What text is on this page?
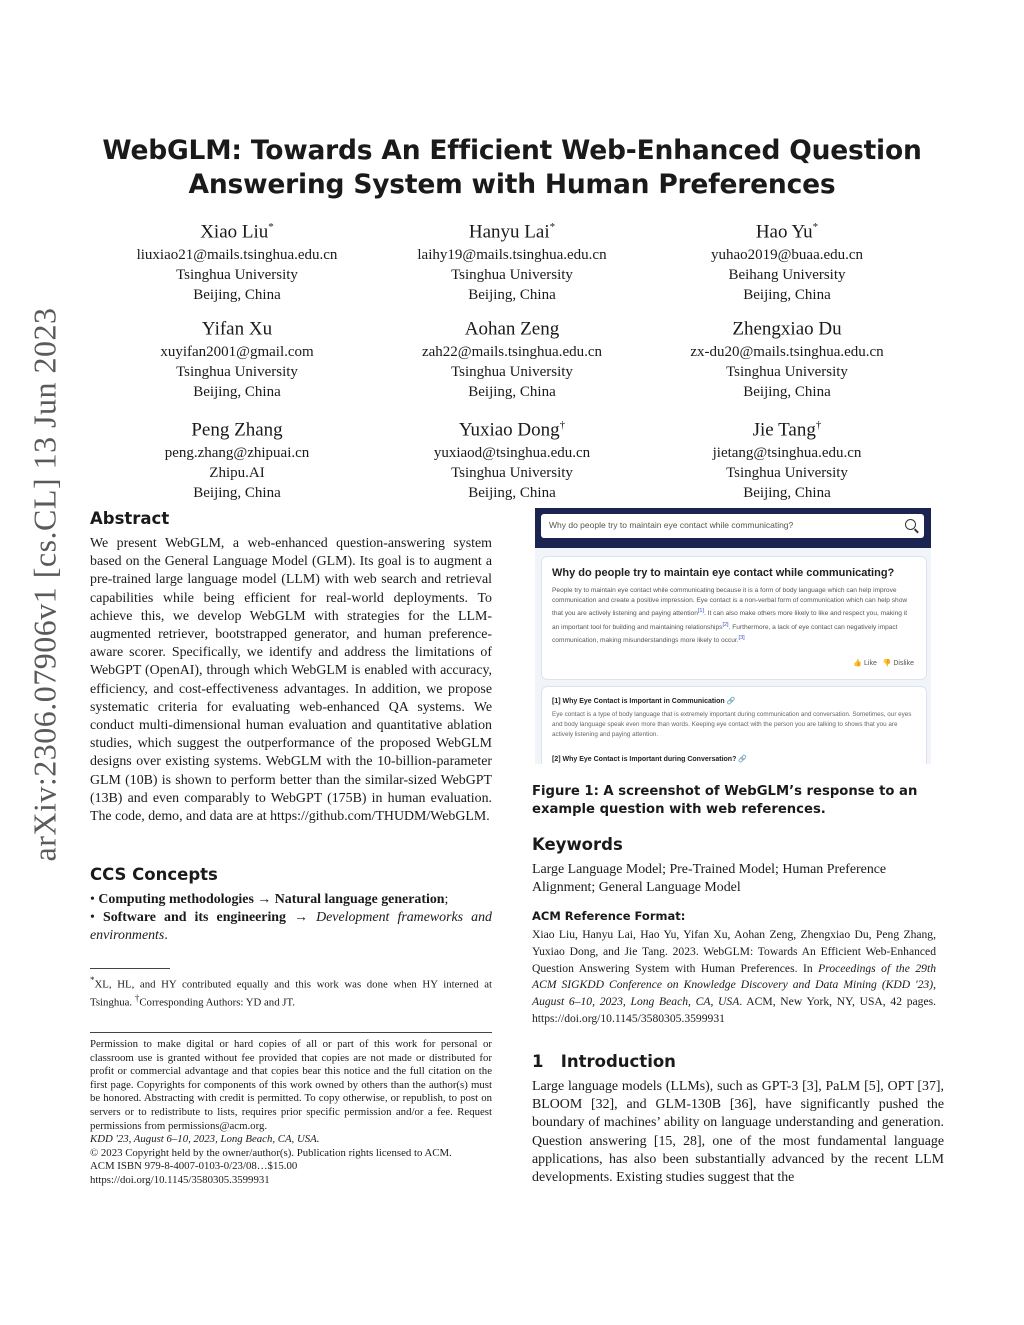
arXiv:2306.07906v1 [cs.CL] 13 Jun 2023
WebGLM: Towards An Efficient Web-Enhanced Question
Answering System with Human Preferences
Xiao Liu*
liuxiao21@mails.tsinghua.edu.cn
Tsinghua University
Beijing, China
Hanyu Lai*
laihy19@mails.tsinghua.edu.cn
Tsinghua University
Beijing, China
Hao Yu*
yuhao2019@buaa.edu.cn
Beihang University
Beijing, China
Yifan Xu
xuyifan2001@gmail.com
Tsinghua University
Beijing, China
Aohan Zeng
zah22@mails.tsinghua.edu.cn
Tsinghua University
Beijing, China
Zhengxiao Du
zx-du20@mails.tsinghua.edu.cn
Tsinghua University
Beijing, China
Peng Zhang
peng.zhang@zhipuai.cn
Zhipu.AI
Beijing, China
Yuxiao Dong†
yuxiaod@tsinghua.edu.cn
Tsinghua University
Beijing, China
Jie Tang†
jietang@tsinghua.edu.cn
Tsinghua University
Beijing, China
Abstract

We present WebGLM, a web-enhanced question-answering system based on the General Language Model (GLM). Its goal is to augment a pre-trained large language model (LLM) with web search and retrieval capabilities while being efficient for real-world deployments. To achieve this, we develop WebGLM with strategies for the LLM-augmented retriever, bootstrapped generator, and human preference-aware scorer. Specifically, we identify and address the limitations of WebGPT (OpenAI), through which WebGLM is enabled with accuracy, efficiency, and cost-effectiveness advantages. In addition, we propose systematic criteria for evaluating web-enhanced QA systems. We conduct multi-dimensional human evaluation and quantitative ablation studies, which suggest the outperformance of the proposed WebGLM designs over existing systems. WebGLM with the 10-billion-parameter GLM (10B) is shown to perform better than the similar-sized WebGPT (13B) and even comparably to WebGPT (175B) in human evaluation. The code, demo, and data are at https://github.com/THUDM/WebGLM.

CCS Concepts
• Computing methodologies → Natural language generation;
• Software and its engineering → Development frameworks and environments.
*XL, HL, and HY contributed equally and this work was done when HY interned at Tsinghua. †Corresponding Authors: YD and JT.
Permission to make digital or hard copies of all or part of this work for personal or classroom use is granted without fee provided that copies are not made or distributed for profit or commercial advantage and that copies bear this notice and the full citation on the first page. Copyrights for components of this work owned by others than the author(s) must be honored. Abstracting with credit is permitted. To copy otherwise, or republish, to post on servers or to redistribute to lists, requires prior specific permission and/or a fee. Request permissions from permissions@acm.org.
KDD '23, August 6–10, 2023, Long Beach, CA, USA.
© 2023 Copyright held by the owner/author(s). Publication rights licensed to ACM.
ACM ISBN 979-8-4007-0103-0/23/08…$15.00
https://doi.org/10.1145/3580305.3599931
Why do people try to maintain eye contact while communicating?
Why do people try to maintain eye contact while communicating?
People try to maintain eye contact while communicating because it is a form of body language which can help improve communication and create a positive impression. Eye contact is a non-verbal form of communication which can help show that you are actively listening and paying attention[1]. It can also make others more likely to like and respect you, making it an important tool for building and maintaining relationships[2]. Furthermore, a lack of eye contact can negatively impact communication, making misunderstandings more likely to occur.[3]
👍 Like 👎 Dislike
[1] Why Eye Contact is Important in Communication 🔗
Eye contact is a type of body language that is extremely important during communication and conversation. Sometimes, our eyes and body language speak even more than words. Keeping eye contact with the person you are talking to shows that you are actively listening and paying attention.
[2] Why Eye Contact is Important during Conversation? 🔗
Figure 1: A screenshot of WebGLM’s response to an example question with web references.
Keywords
Large Language Model; Pre-Trained Model; Human Preference Alignment; General Language Model
ACM Reference Format:
Xiao Liu, Hanyu Lai, Hao Yu, Yifan Xu, Aohan Zeng, Zhengxiao Du, Peng Zhang, Yuxiao Dong, and Jie Tang. 2023. WebGLM: Towards An Efficient Web-Enhanced Question Answering System with Human Preferences. In Proceedings of the 29th ACM SIGKDD Conference on Knowledge Discovery and Data Mining (KDD '23), August 6–10, 2023, Long Beach, CA, USA. ACM, New York, NY, USA, 42 pages. https://doi.org/10.1145/3580305.3599931
1 Introduction
Large language models (LLMs), such as GPT-3 [3], PaLM [5], OPT [37], BLOOM [32], and GLM-130B [36], have significantly pushed the boundary of machines’ ability on language understanding and generation. Question answering [15, 28], one of the most fundamental language applications, has also been substantially advanced by the recent LLM developments. Existing studies suggest that the
